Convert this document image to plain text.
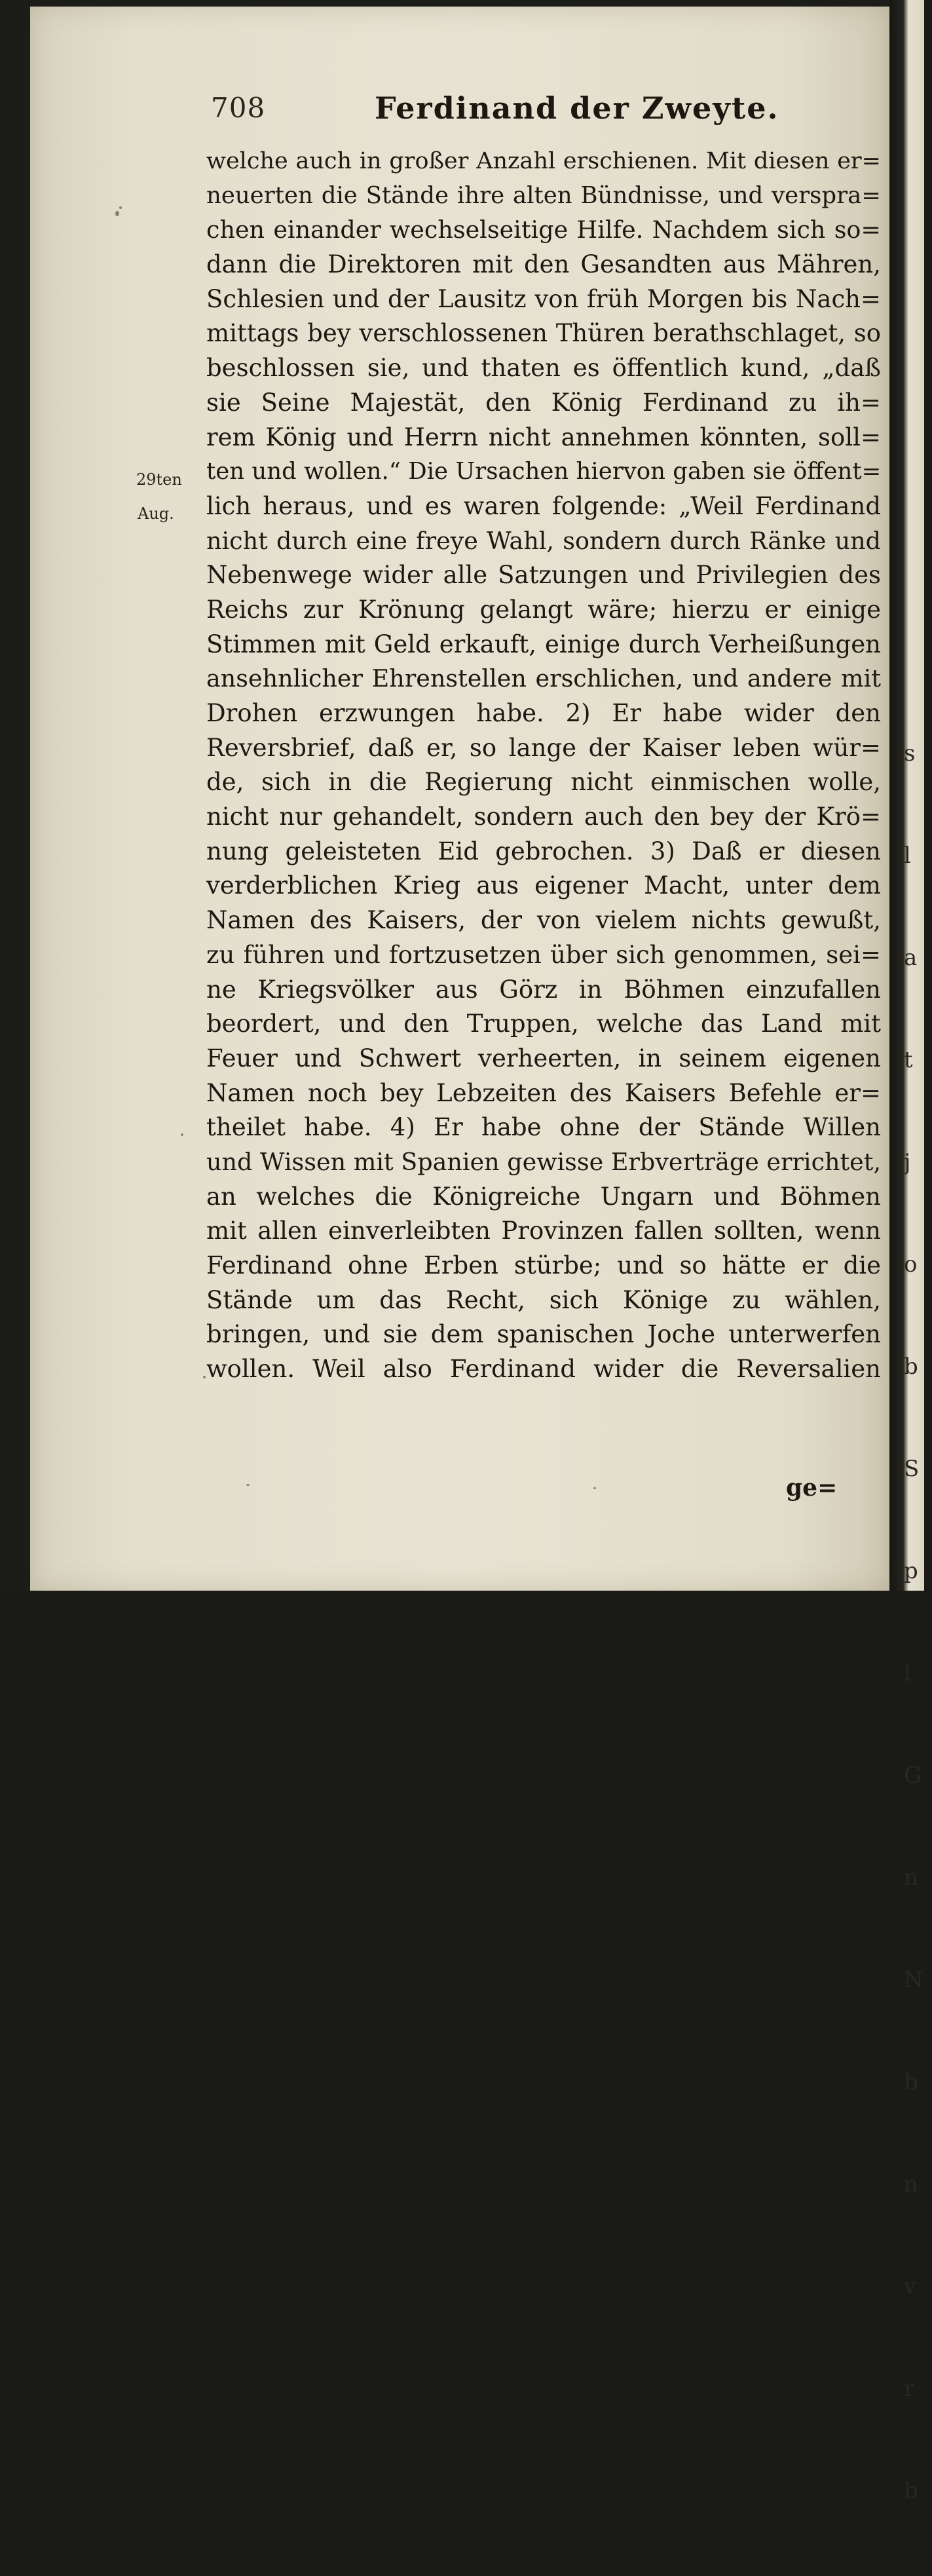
s

l

a

t

j

o

b

S

p

l

G

n

N

b

n

v

r

b

708	Ferdinand der Zweyte.
29ten
Aug.
welche auch in großer Anzahl erschienen. Mit diesen er=
neuerten die Stände ihre alten Bündnisse, und verspra=
chen einander wechselseitige Hilfe. Nachdem sich so=
dann die Direktoren mit den Gesandten aus Mähren,
Schlesien und der Lausitz von früh Morgen bis Nach=
mittags bey verschlossenen Thüren berathschlaget, so
beschlossen sie, und thaten es öffentlich kund, „daß
sie Seine Majestät, den König Ferdinand zu ih=
rem König und Herrn nicht annehmen könnten, soll=
ten und wollen.“ Die Ursachen hiervon gaben sie öffent=
lich heraus, und es waren folgende: „Weil Ferdinand
nicht durch eine freye Wahl, sondern durch Ränke und
Nebenwege wider alle Satzungen und Privilegien des
Reichs zur Krönung gelangt wäre; hierzu er einige
Stimmen mit Geld erkauft, einige durch Verheißungen
ansehnlicher Ehrenstellen erschlichen, und andere mit
Drohen erzwungen habe. 2) Er habe wider den
Reversbrief, daß er, so lange der Kaiser leben wür=
de, sich in die Regierung nicht einmischen wolle,
nicht nur gehandelt, sondern auch den bey der Krö=
nung geleisteten Eid gebrochen. 3) Daß er diesen
verderblichen Krieg aus eigener Macht, unter dem
Namen des Kaisers, der von vielem nichts gewußt,
zu führen und fortzusetzen über sich genommen, sei=
ne Kriegsvölker aus Görz in Böhmen einzufallen
beordert, und den Truppen, welche das Land mit
Feuer und Schwert verheerten, in seinem eigenen
Namen noch bey Lebzeiten des Kaisers Befehle er=
theilet habe. 4) Er habe ohne der Stände Willen
und Wissen mit Spanien gewisse Erbverträge errichtet,
an welches die Königreiche Ungarn und Böhmen
mit allen einverleibten Provinzen fallen sollten, wenn
Ferdinand ohne Erben stürbe; und so hätte er die
Stände um das Recht, sich Könige zu wählen,
bringen, und sie dem spanischen Joche unterwerfen
wollen. Weil also Ferdinand wider die Reversalien
ge=
